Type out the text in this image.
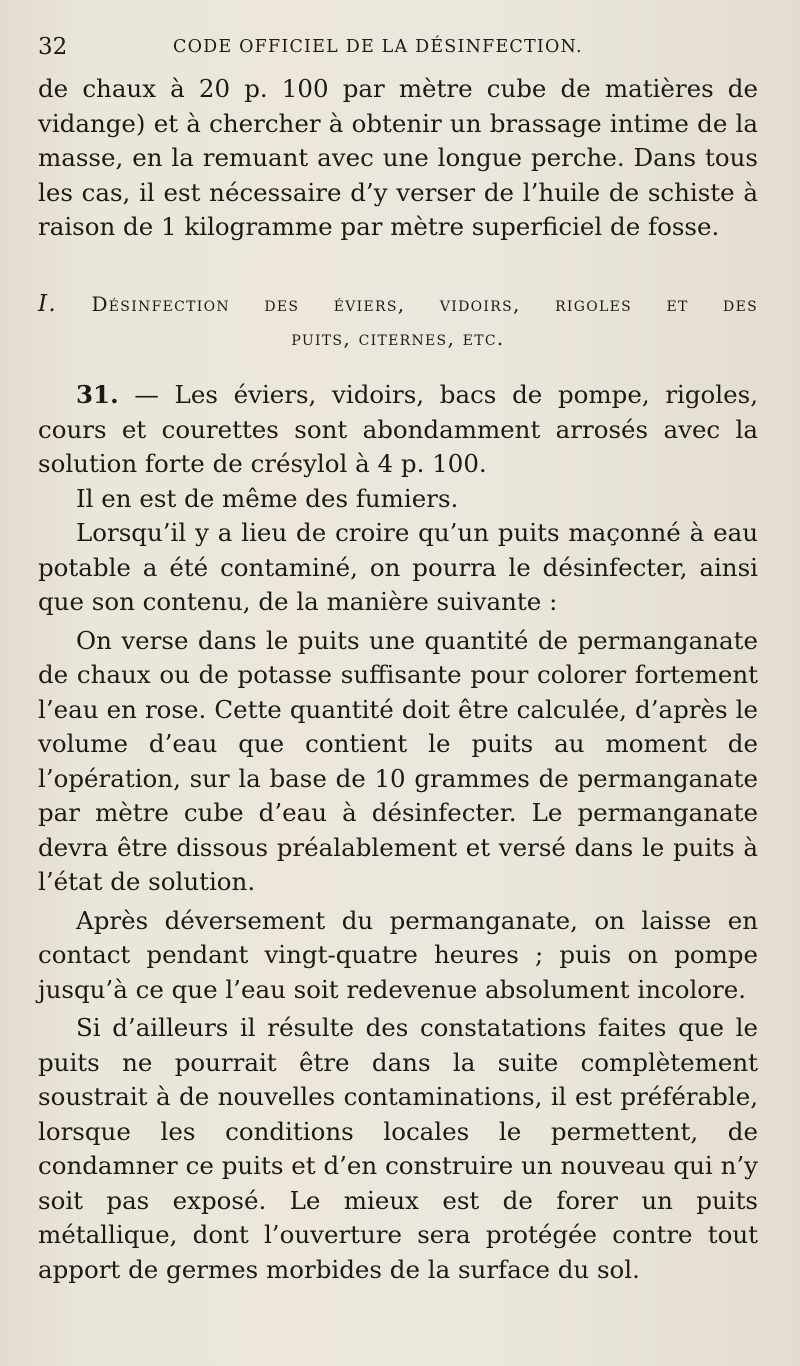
32	CODE OFFICIEL DE LA DÉSINFECTION.

de chaux à 20 p. 100 par mètre cube de matières de vidange) et à chercher à obtenir un brassage intime de la masse, en la remuant avec une longue perche. Dans tous les cas, il est nécessaire d’y verser de l’huile de schiste à raison de 1 kilogramme par mètre superficiel de fosse.

I. Désinfection des éviers, vidoirs, rigoles et des
puits, citernes, etc.

31. — Les éviers, vidoirs, bacs de pompe, rigoles, cours et courettes sont abondamment arrosés avec la solution forte de crésylol à 4 p. 100.

Il en est de même des fumiers.

Lorsqu’il y a lieu de croire qu’un puits maçonné à eau potable a été contaminé, on pourra le désinfecter, ainsi que son contenu, de la manière suivante :

On verse dans le puits une quantité de permanganate de chaux ou de potasse suffisante pour colorer fortement l’eau en rose. Cette quantité doit être calculée, d’après le volume d’eau que contient le puits au moment de l’opération, sur la base de 10 grammes de permanganate par mètre cube d’eau à désinfecter. Le permanganate devra être dissous préalablement et versé dans le puits à l’état de solution.

Après déversement du permanganate, on laisse en contact pendant vingt-quatre heures ; puis on pompe jusqu’à ce que l’eau soit redevenue absolument incolore.

Si d’ailleurs il résulte des constatations faites que le puits ne pourrait être dans la suite complètement soustrait à de nouvelles contaminations, il est préférable, lorsque les conditions locales le permettent, de condamner ce puits et d’en construire un nouveau qui n’y soit pas exposé. Le mieux est de forer un puits métallique, dont l’ouverture sera protégée contre tout apport de germes morbides de la surface du sol.
